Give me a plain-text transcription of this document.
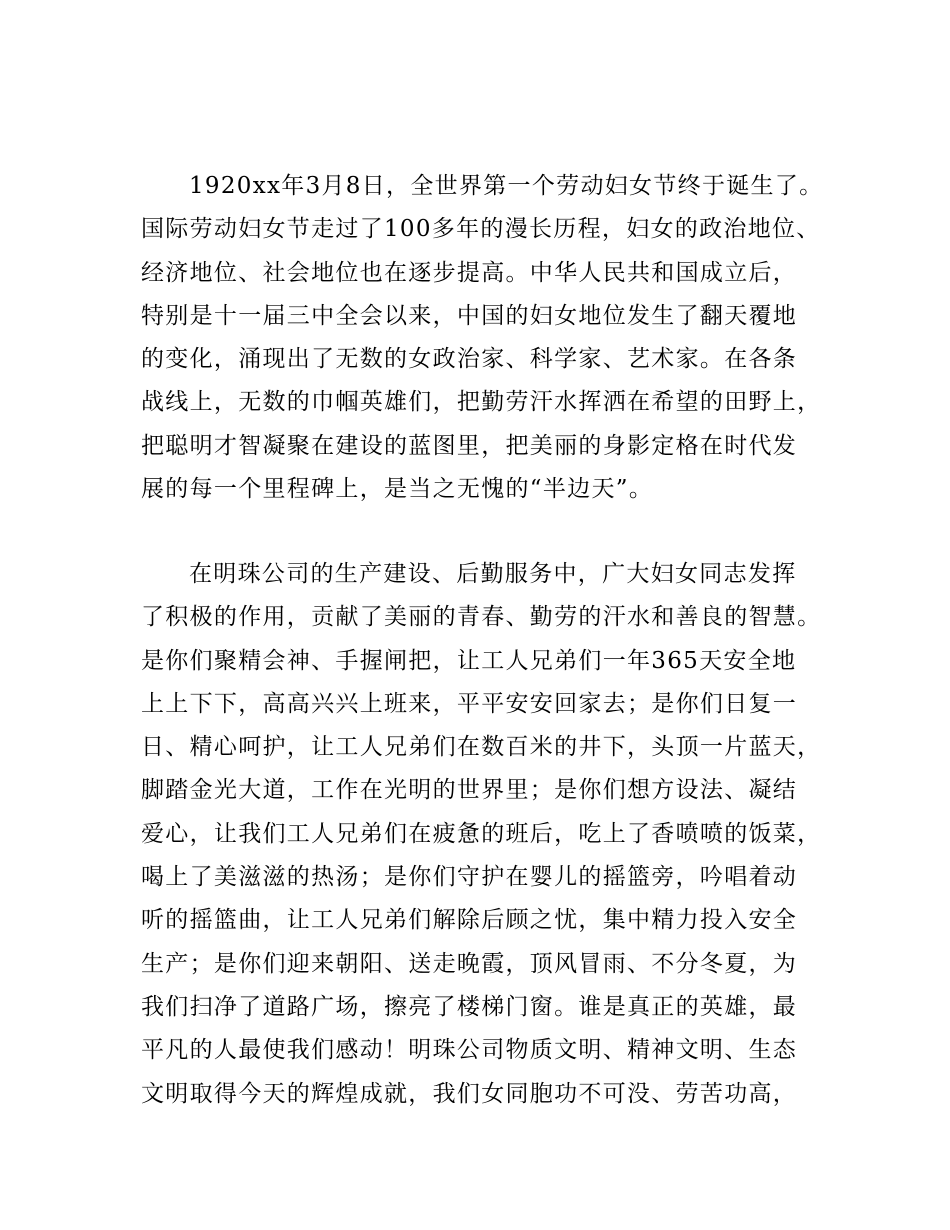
1920xx年3月8日，全世界第一个劳动妇女节终于诞生了。
国际劳动妇女节走过了100多年的漫长历程，妇女的政治地位、
经济地位、社会地位也在逐步提高。中华人民共和国成立后，
特别是十一届三中全会以来，中国的妇女地位发生了翻天覆地
的变化，涌现出了无数的女政治家、科学家、艺术家。在各条
战线上，无数的巾帼英雄们，把勤劳汗水挥洒在希望的田野上，
把聪明才智凝聚在建设的蓝图里，把美丽的身影定格在时代发
展的每一个里程碑上，是当之无愧的“半边天”。
在明珠公司的生产建设、后勤服务中，广大妇女同志发挥
了积极的作用，贡献了美丽的青春、勤劳的汗水和善良的智慧。
是你们聚精会神、手握闸把，让工人兄弟们一年365天安全地
上上下下，高高兴兴上班来，平平安安回家去；是你们日复一
日、精心呵护，让工人兄弟们在数百米的井下，头顶一片蓝天，
脚踏金光大道，工作在光明的世界里；是你们想方设法、凝结
爱心，让我们工人兄弟们在疲惫的班后，吃上了香喷喷的饭菜，
喝上了美滋滋的热汤；是你们守护在婴儿的摇篮旁，吟唱着动
听的摇篮曲，让工人兄弟们解除后顾之忧，集中精力投入安全
生产；是你们迎来朝阳、送走晚霞，顶风冒雨、不分冬夏，为
我们扫净了道路广场，擦亮了楼梯门窗。谁是真正的英雄，最
平凡的人最使我们感动！明珠公司物质文明、精神文明、生态
文明取得今天的辉煌成就，我们女同胞功不可没、劳苦功高，
